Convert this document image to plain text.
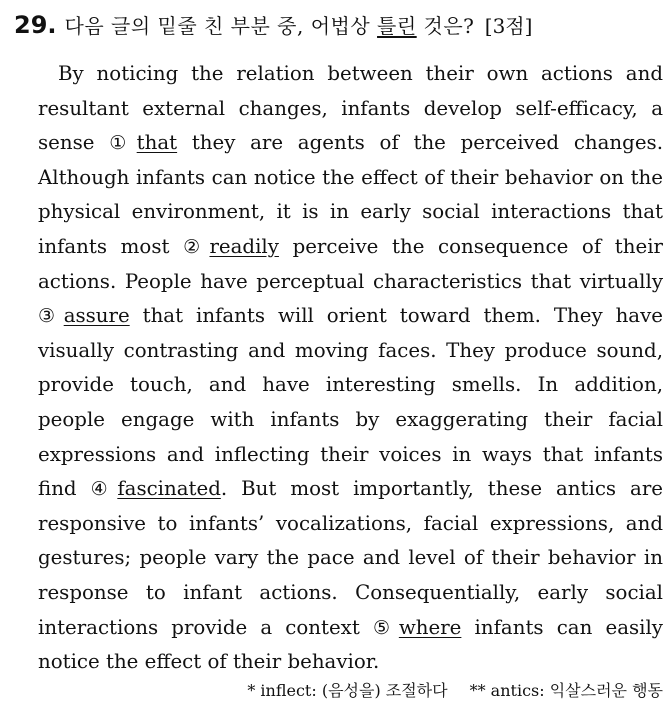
29. 다음 글의 밑줄 친 부분 중, 어법상 틀린 것은? [3점]

By noticing the relation between their own actions and resultant external changes, infants develop self-efficacy, a sense ① that they are agents of the perceived changes. Although infants can notice the effect of their behavior on the physical environment, it is in early social interactions that infants most ② readily perceive the consequence of their actions. People have perceptual characteristics that virtually ③ assure that infants will orient toward them. They have visually contrasting and moving faces. They produce sound, provide touch, and have interesting smells. In addition, people engage with infants by exaggerating their facial expressions and inflecting their voices in ways that infants find ④ fascinated. But most importantly, these antics are responsive to infants’ vocalizations, facial expressions, and gestures; people vary the pace and level of their behavior in response to infant actions. Consequentially, early social interactions provide a context ⑤ where infants can easily notice the effect of their behavior.

* inflect: (음성을) 조절하다 ** antics: 익살스러운 행동
